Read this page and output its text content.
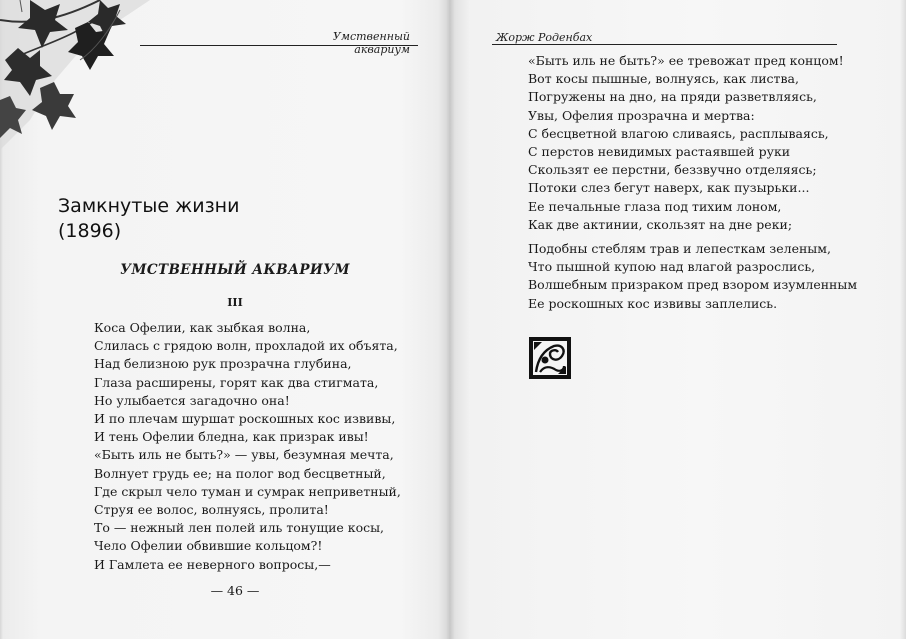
Умственный аквариум
Замкнутые жизни
(1896)
УМСТВЕННЫЙ АКВАРИУМ
III
Коса Офелии, как зыбкая волна,
Слилась с грядою волн, прохладой их объята,
Над белизною рук прозрачна глубина,
Глаза расширены, горят как два стигмата,
Но улыбается загадочно она!
И по плечам шуршат роскошных кос извивы,
И тень Офелии бледна, как призрак ивы!
«Быть иль не быть?» — увы, безумная мечта,
Волнует грудь ее; на полог вод бесцветный,
Где скрыл чело туман и сумрак неприветный,
Струя ее волос, волнуясь, пролита!
То — нежный лен полей иль тонущие косы,
Чело Офелии обвившие кольцом?!
И Гамлета ее неверного вопросы,—
— 46 —
Жорж Роденбах
«Быть иль не быть?» ее тревожат пред концом!
Вот косы пышные, волнуясь, как листва,
Погружены на дно, на пряди разветвляясь,
Увы, Офелия прозрачна и мертва:
С бесцветной влагою сливаясь, расплываясь,
С перстов невидимых растаявшей руки
Скользят ее перстни, беззвучно отделяясь;
Потоки слез бегут наверх, как пузырьки...
Ее печальные глаза под тихим лоном,
Как две актинии, скользят на дне реки;
Подобны стеблям трав и лепесткам зеленым,
Что пышной купою над влагой разрослись,
Волшебным призраком пред взором изумленным
Ее роскошных кос извивы заплелись.
